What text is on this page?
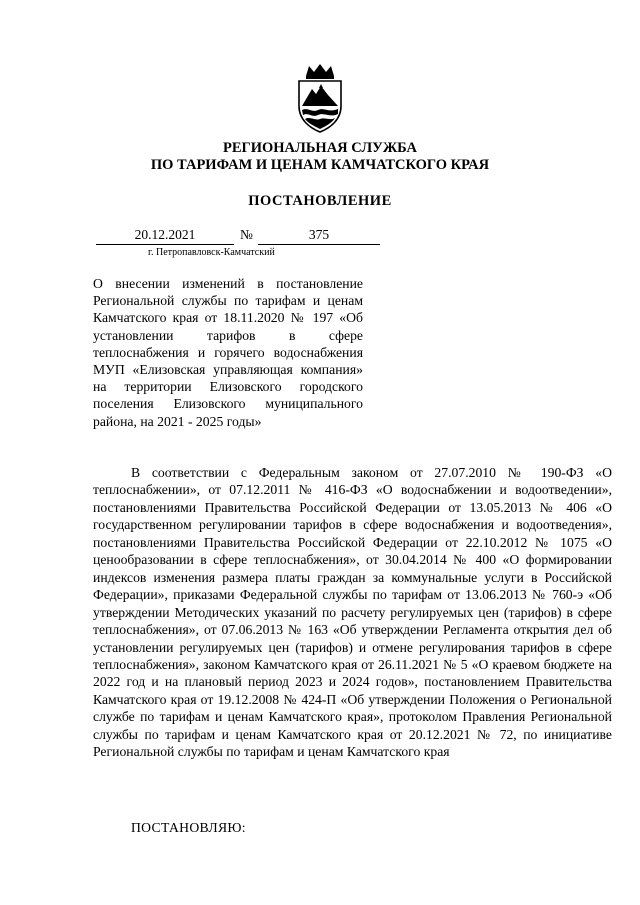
РЕГИОНАЛЬНАЯ СЛУЖБА
ПО ТАРИФАМ И ЦЕНАМ КАМЧАТСКОГО КРАЯ
ПОСТАНОВЛЕНИЕ
20.12.2021	№	375
г. Петропавловск-Камчатский

О внесении изменений в постановление Региональной службы по тарифам и ценам Камчатского края от 18.11.2020 № 197 «Об установлении тарифов в сфере теплоснабжения и горячего водоснабжения МУП «Елизовская управляющая компания» на территории Елизовского городского поселения Елизовского муниципального района, на 2021 - 2025 годы»

В соответствии с Федеральным законом от 27.07.2010 № 190-ФЗ «О теплоснабжении», от 07.12.2011 № 416-ФЗ «О водоснабжении и водоотведении», постановлениями Правительства Российской Федерации от 13.05.2013 № 406 «О государственном регулировании тарифов в сфере водоснабжения и водоотведения», постановлениями Правительства Российской Федерации от 22.10.2012 № 1075 «О ценообразовании в сфере теплоснабжения», от 30.04.2014 № 400 «О формировании индексов изменения размера платы граждан за коммунальные услуги в Российской Федерации», приказами Федеральной службы по тарифам от 13.06.2013 № 760-э «Об утверждении Методических указаний по расчету регулируемых цен (тарифов) в сфере теплоснабжения», от 07.06.2013 № 163 «Об утверждении Регламента открытия дел об установлении регулируемых цен (тарифов) и отмене регулирования тарифов в сфере теплоснабжения», законом Камчатского края от 26.11.2021 № 5 «О краевом бюджете на 2022 год и на плановый период 2023 и 2024 годов», постановлением Правительства Камчатского края от 19.12.2008 № 424-П «Об утверждении Положения о Региональной службе по тарифам и ценам Камчатского края», протоколом Правления Региональной службы по тарифам и ценам Камчатского края от 20.12.2021 № 72, по инициативе Региональной службы по тарифам и ценам Камчатского края

ПОСТАНОВЛЯЮ:
